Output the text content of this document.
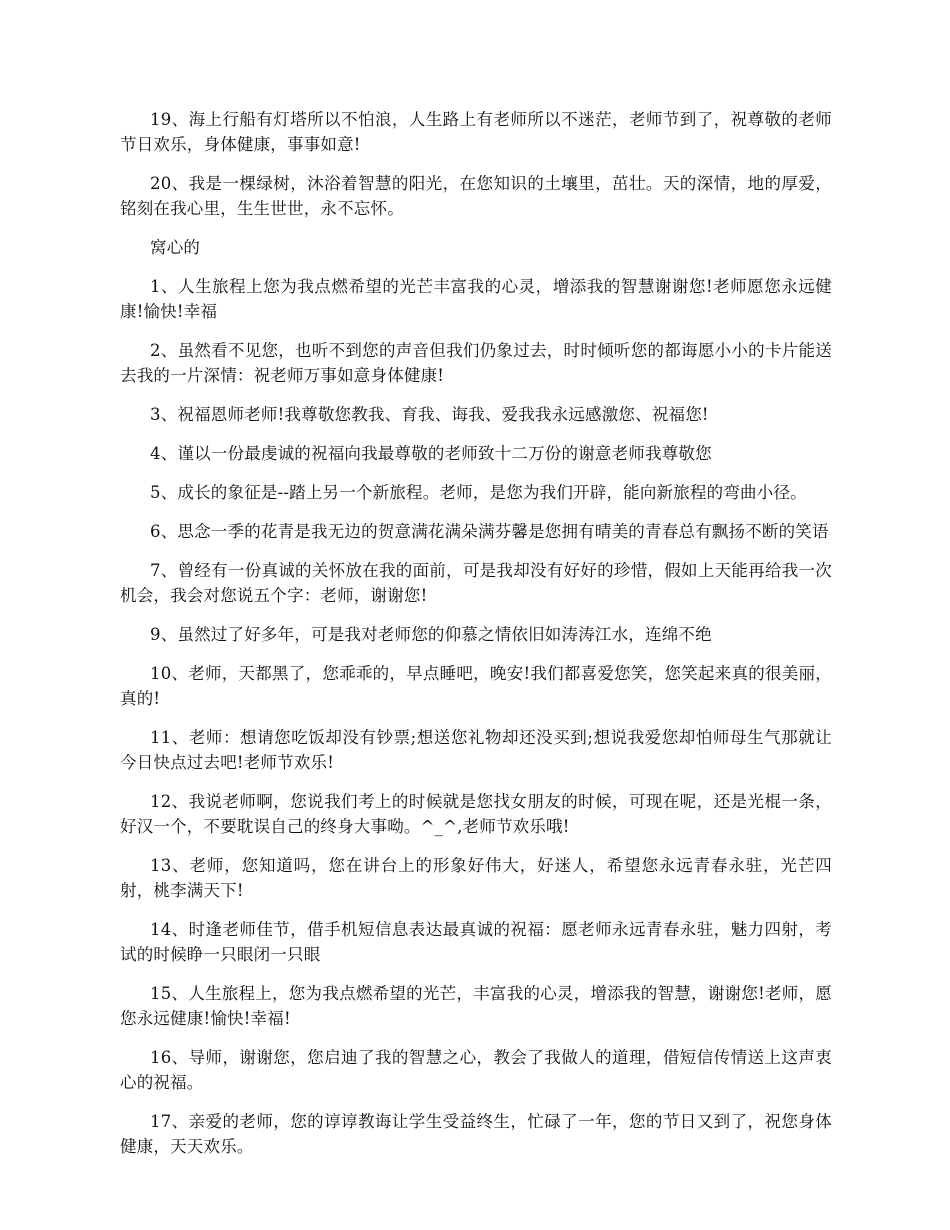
19、海上行船有灯塔所以不怕浪，人生路上有老师所以不迷茫，老师节到了，祝尊敬的老师节日欢乐，身体健康，事事如意!

20、我是一棵绿树，沐浴着智慧的阳光，在您知识的土壤里，茁壮。天的深情，地的厚爱，铭刻在我心里，生生世世，永不忘怀。

窝心的

1、人生旅程上您为我点燃希望的光芒丰富我的心灵，增添我的智慧谢谢您!老师愿您永远健康!愉快!幸福

2、虽然看不见您，也听不到您的声音但我们仍象过去，时时倾听您的都诲愿小小的卡片能送去我的一片深情：祝老师万事如意身体健康!

3、祝福恩师老师!我尊敬您教我、育我、诲我、爱我我永远感激您、祝福您!

4、谨以一份最虔诚的祝福向我最尊敬的老师致十二万份的谢意老师我尊敬您

5、成长的象征是--踏上另一个新旅程。老师，是您为我们开辟，能向新旅程的弯曲小径。

6、思念一季的花青是我无边的贺意满花满朵满芬馨是您拥有晴美的青春总有飘扬不断的笑语

7、曾经有一份真诚的关怀放在我的面前，可是我却没有好好的珍惜，假如上天能再给我一次机会，我会对您说五个字：老师，谢谢您!

9、虽然过了好多年，可是我对老师您的仰慕之情依旧如涛涛江水，连绵不绝

10、老师，天都黑了，您乖乖的，早点睡吧，晚安!我们都喜爱您笑，您笑起来真的很美丽，真的!

11、老师：想请您吃饭却没有钞票;想送您礼物却还没买到;想说我爱您却怕师母生气那就让今日快点过去吧!老师节欢乐!

12、我说老师啊，您说我们考上的时候就是您找女朋友的时候，可现在呢，还是光棍一条，好汉一个，不要耽误自己的终身大事呦。^_^,老师节欢乐哦!

13、老师，您知道吗，您在讲台上的形象好伟大，好迷人，希望您永远青春永驻，光芒四射，桃李满天下!

14、时逢老师佳节，借手机短信息表达最真诚的祝福：愿老师永远青春永驻，魅力四射，考试的时候睁一只眼闭一只眼

15、人生旅程上，您为我点燃希望的光芒，丰富我的心灵，增添我的智慧，谢谢您!老师，愿您永远健康!愉快!幸福!

16、导师，谢谢您，您启迪了我的智慧之心，教会了我做人的道理，借短信传情送上这声衷心的祝福。

17、亲爱的老师，您的谆谆教诲让学生受益终生，忙碌了一年，您的节日又到了，祝您身体健康，天天欢乐。
